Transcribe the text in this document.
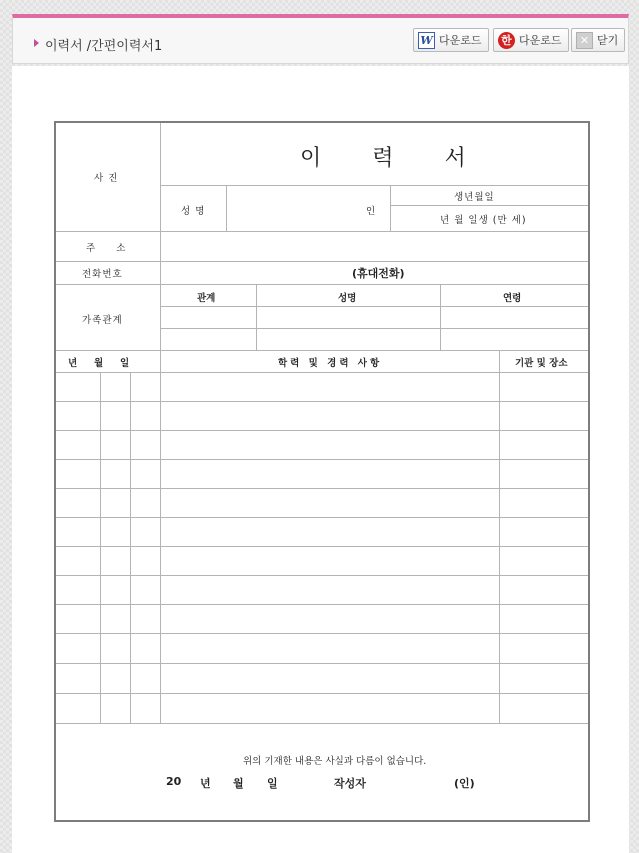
이력서 /간편이력서1	W 다운로드 한 다운로드	✕ 닫기
사 진
이 력 서
성 명	인
생년월일
년 월 일생 (만 세)
주     소
전화번호	(휴대전화)
가족관계
관계	성명	연령
년 월 일	학력 및 경력 사항	기관 및 장소
위의 기재한 내용은 사실과 다름이 없습니다.
20 년 월 일	작성자	(인)
